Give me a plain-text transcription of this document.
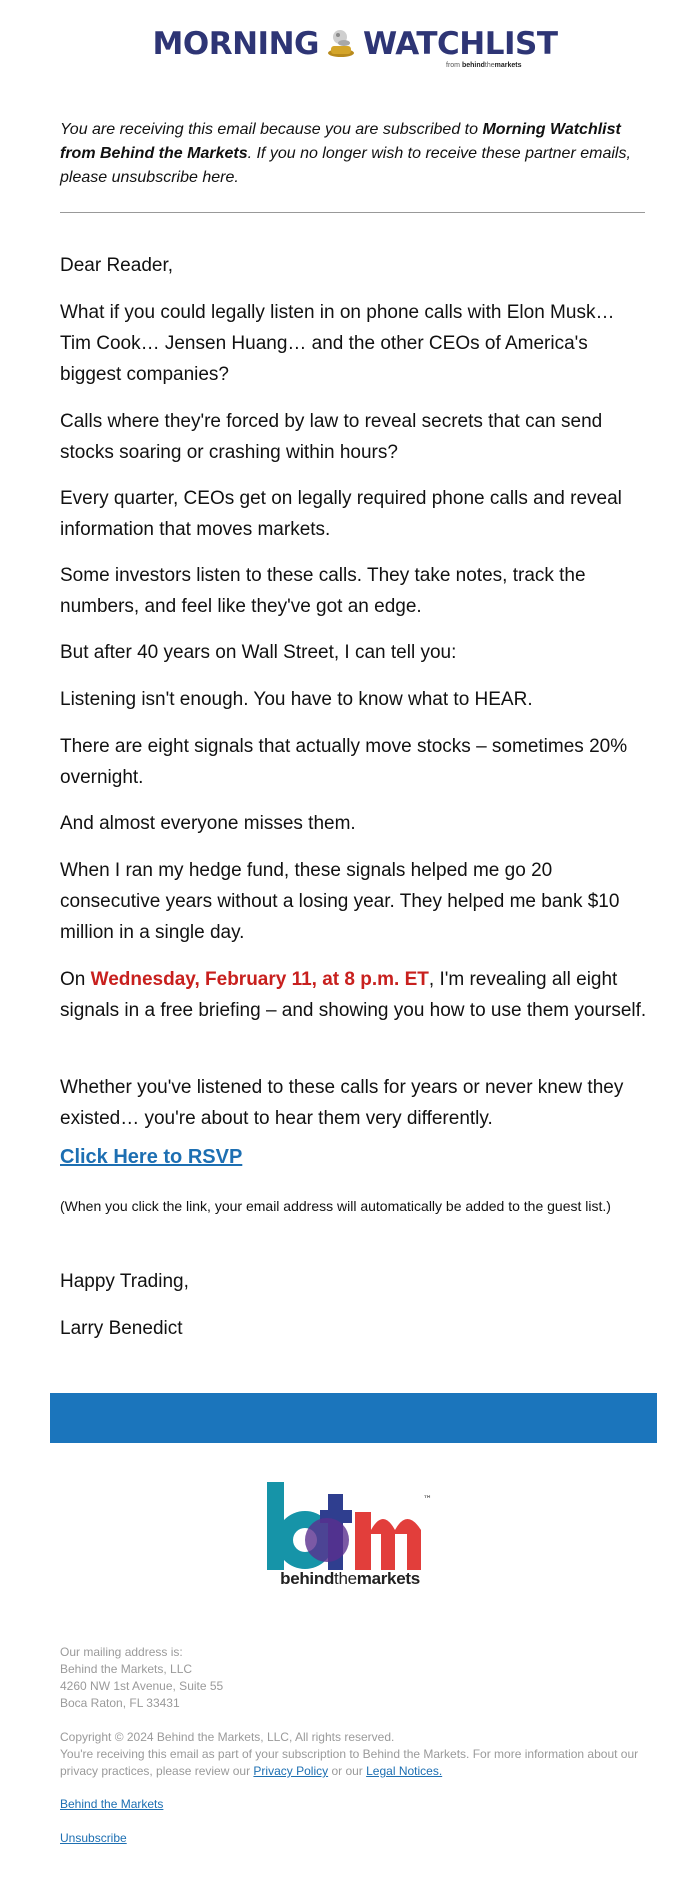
MORNING WATCHLIST
from behindthemarkets
You are receiving this email because you are subscribed to Morning Watchlist from Behind the Markets. If you no longer wish to receive these partner emails, please unsubscribe here.
Dear Reader,
What if you could legally listen in on phone calls with Elon Musk… Tim Cook… Jensen Huang… and the other CEOs of America's biggest companies?
Calls where they're forced by law to reveal secrets that can send stocks soaring or crashing within hours?
Every quarter, CEOs get on legally required phone calls and reveal information that moves markets.
Some investors listen to these calls. They take notes, track the numbers, and feel like they've got an edge.
But after 40 years on Wall Street, I can tell you:
Listening isn't enough. You have to know what to HEAR.
There are eight signals that actually move stocks – sometimes 20% overnight.
And almost everyone misses them.
When I ran my hedge fund, these signals helped me go 20 consecutive years without a losing year. They helped me bank $10 million in a single day.
On Wednesday, February 11, at 8 p.m. ET, I'm revealing all eight signals in a free briefing – and showing you how to use them yourself.
Whether you've listened to these calls for years or never knew they existed… you're about to hear them very differently.
Click Here to RSVP
(When you click the link, your email address will automatically be added to the guest list.)
Happy Trading,
Larry Benedict
™
behindthemarkets
Our mailing address is:
Behind the Markets, LLC
4260 NW 1st Avenue, Suite 55
Boca Raton, FL 33431
Copyright © 2024 Behind the Markets, LLC, All rights reserved.
You're receiving this email as part of your subscription to Behind the Markets. For more information about our privacy practices, please review our Privacy Policy or our Legal Notices.
Behind the Markets
Unsubscribe
